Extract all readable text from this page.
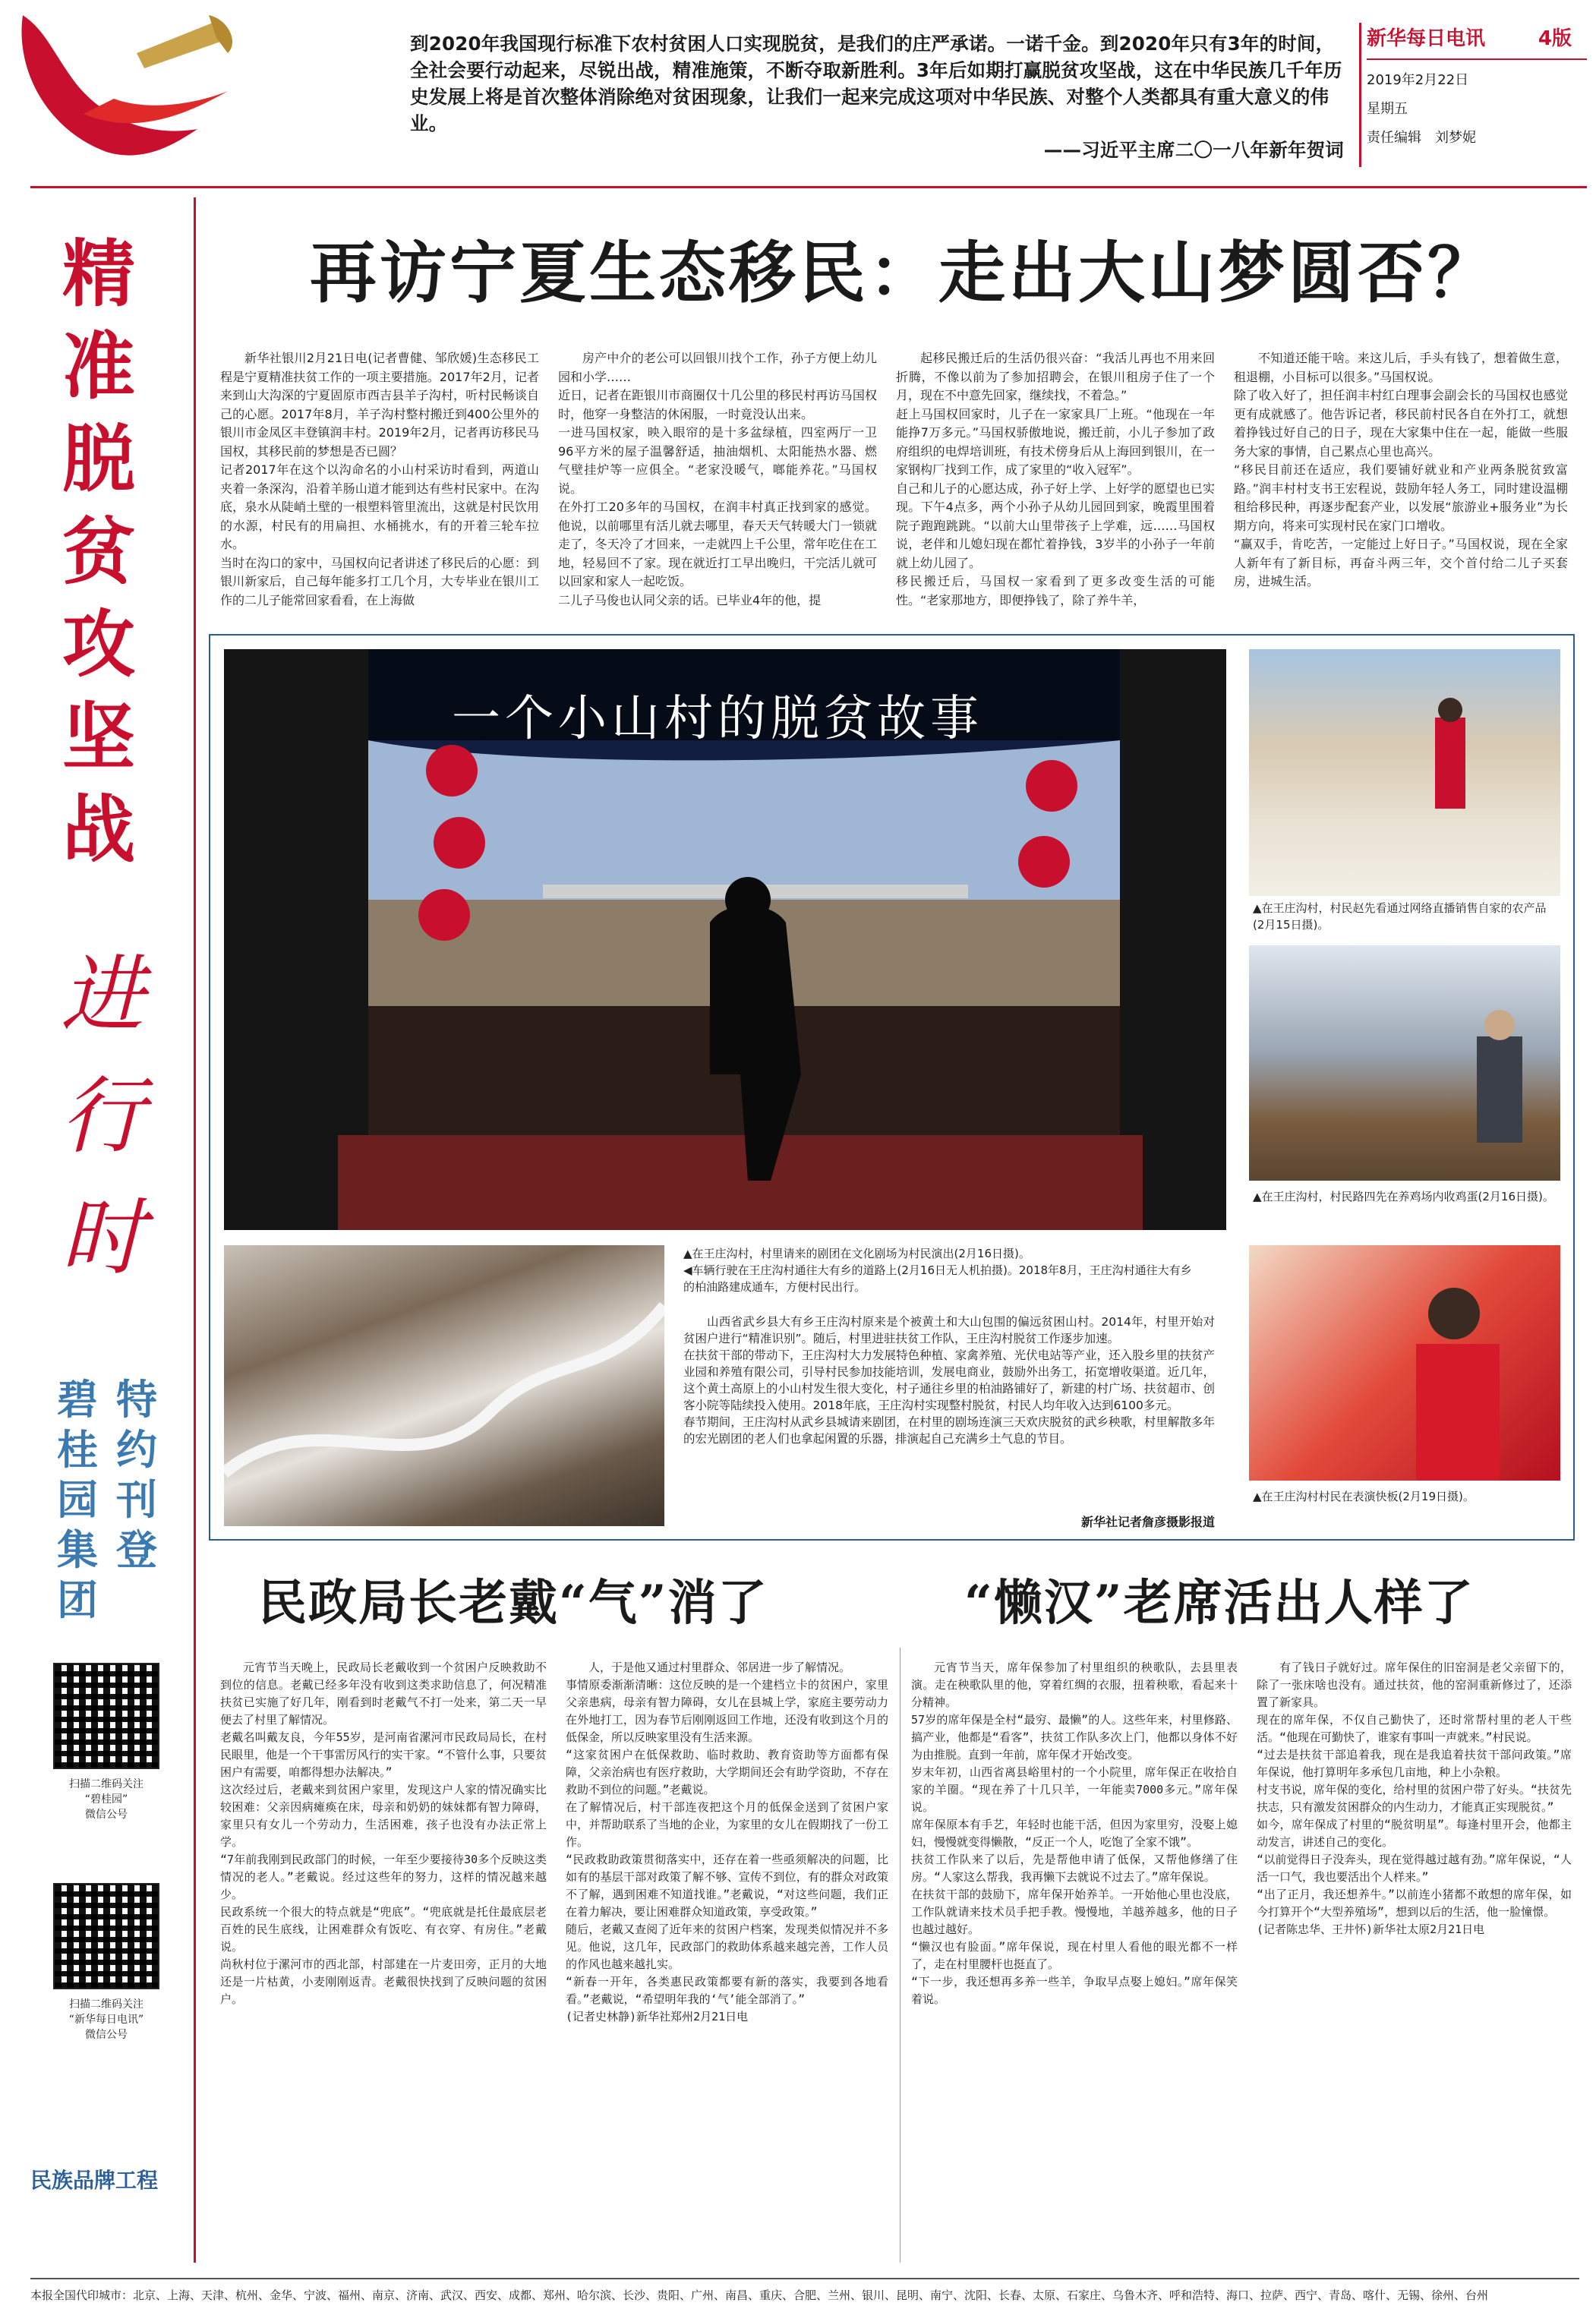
到2020年我国现行标准下农村贫困人口实现脱贫，是我们的庄严承诺。一诺千金。到2020年只有3年的时间，全社会要行动起来，尽锐出战，精准施策，不断夺取新胜利。3年后如期打赢脱贫攻坚战，这在中华民族几千年历史发展上将是首次整体消除绝对贫困现象，让我们一起来完成这项对中华民族、对整个人类都具有重大意义的伟业。
——习近平主席二〇一八年新年贺词
新华每日电讯	4版
2019年2月22日
星期五
责任编辑　刘梦妮
精准脱贫攻坚战
进行时
特约刊登
碧桂园集团
扫描二维码关注
“碧桂园”
微信公号
扫描二维码关注
“新华每日电讯”
微信公号
民族品牌工程
再访宁夏生态移民：走出大山梦圆否？

新华社银川2月21日电(记者曹健、邹欣媛)生态移民工程是宁夏精准扶贫工作的一项主要措施。2017年2月，记者来到山大沟深的宁夏固原市西吉县羊子沟村，听村民畅谈自己的心愿。2017年8月，羊子沟村整村搬迁到400公里外的银川市金凤区丰登镇润丰村。2019年2月，记者再访移民马国权，其移民前的梦想是否已圆？
记者2017年在这个以沟命名的小山村采访时看到，两道山夹着一条深沟，沿着羊肠山道才能到达有些村民家中。在沟底，泉水从陡峭土壁的一根塑料管里流出，这就是村民饮用的水源，村民有的用扁担、水桶挑水，有的开着三轮车拉水。
当时在沟口的家中，马国权向记者讲述了移民后的心愿：到银川新家后，自己每年能多打工几个月，大专毕业在银川工作的二儿子能常回家看看，在上海做

房产中介的老公可以回银川找个工作，孙子方便上幼儿园和小学……
近日，记者在距银川市商圈仅十几公里的移民村再访马国权时，他穿一身整洁的休闲服，一时竟没认出来。
一进马国权家，映入眼帘的是十多盆绿植，四室两厅一卫96平方米的屋子温馨舒适，抽油烟机、太阳能热水器、燃气壁挂炉等一应俱全。“老家没暖气，啷能养花。”马国权说。
在外打工20多年的马国权，在润丰村真正找到家的感觉。他说，以前哪里有活儿就去哪里，春天天气转暖大门一锁就走了，冬天冷了才回来，一走就四上千公里，常年吃住在工地，轻易回不了家。现在就近打工早出晚归，干完活儿就可以回家和家人一起吃饭。
二儿子马俊也认同父亲的话。已毕业4年的他，提

起移民搬迁后的生活仍很兴奋：“我活儿再也不用来回折腾，不像以前为了参加招聘会，在银川租房子住了一个月，现在不中意先回家，继续找，不着急。”
赶上马国权回家时，儿子在一家家具厂上班。“他现在一年能挣7万多元。”马国权骄傲地说，搬迁前，小儿子参加了政府组织的电焊培训班，有技术傍身后从上海回到银川，在一家钢构厂找到工作，成了家里的“收入冠军”。
自己和儿子的心愿达成，孙子好上学、上好学的愿望也已实现。下午4点多，两个小孙子从幼儿园回到家，晚霞里围着院子跑跑跳跳。“以前大山里带孩子上学难，远……马国权说，老伴和儿媳妇现在都忙着挣钱，3岁半的小孙子一年前就上幼儿园了。
移民搬迁后，马国权一家看到了更多改变生活的可能性。“老家那地方，即便挣钱了，除了养牛羊，

不知道还能干啥。来这儿后，手头有钱了，想着做生意，租退棚，小目标可以很多。”马国权说。
除了收入好了，担任润丰村红白理事会副会长的马国权也感觉更有成就感了。他告诉记者，移民前村民各自在外打工，就想着挣钱过好自己的日子，现在大家集中住在一起，能做一些服务大家的事情，自己累点心里也高兴。
“移民目前还在适应，我们要铺好就业和产业两条脱贫致富路。”润丰村村支书王宏程说，鼓励年轻人务工，同时建设温棚租给移民种，再逐步配套产业，以发展“旅游业+服务业”为长期方向，将来可实现村民在家门口增收。
“赢双手，肯吃苦，一定能过上好日子。”马国权说，现在全家人新年有了新目标，再奋斗两三年，交个首付给二儿子买套房，进城生活。

一个小山村的脱贫故事
▲在王庄沟村，村民赵先看通过网络直播销售自家的农产品(2月15日摄)。
▲在王庄沟村，村民路四先在养鸡场内收鸡蛋(2月16日摄)。
▲在王庄沟村村民在表演快板(2月19日摄)。
▲在王庄沟村，村里请来的剧团在文化剧场为村民演出(2月16日摄)。
◀车辆行驶在王庄沟村通往大有乡的道路上(2月16日无人机拍摄)。2018年8月，王庄沟村通往大有乡的柏油路建成通车，方便村民出行。

山西省武乡县大有乡王庄沟村原来是个被黄土和大山包围的偏远贫困山村。2014年，村里开始对贫困户进行“精准识别”。随后，村里进驻扶贫工作队，王庄沟村脱贫工作逐步加速。
在扶贫干部的带动下，王庄沟村大力发展特色种植、家禽养殖、光伏电站等产业，还入股乡里的扶贫产业园和养殖有限公司，引导村民参加技能培训，发展电商业，鼓励外出务工，拓宽增收渠道。近几年，这个黄土高原上的小山村发生很大变化，村子通往乡里的柏油路铺好了，新建的村广场、扶贫超市、创客小院等陆续投入使用。2018年底，王庄沟村实现整村脱贫，村民人均年收入达到6100多元。
春节期间，王庄沟村从武乡县城请来剧团，在村里的剧场连演三天欢庆脱贫的武乡秧歌，村里解散多年的宏光剧团的老人们也拿起闲置的乐器，排演起自己充满乡土气息的节目。

新华社记者詹彦摄影报道
民政局长老戴“气”消了	“懒汉”老席活出人样了

元宵节当天晚上，民政局长老戴收到一个贫困户反映救助不到位的信息。老戴已经多年没有收到这类求助信息了，何况精准扶贫已实施了好几年，刚看到时老戴气不打一处来，第二天一早便去了村里了解情况。
老戴名叫戴友良，今年55岁，是河南省漯河市民政局局长，在村民眼里，他是一个干事雷厉风行的实干家。“不管什么事，只要贫困户有需要，咱都得想办法解决。”
这次经过后，老戴来到贫困户家里，发现这户人家的情况确实比较困难：父亲因病瘫痪在床，母亲和奶奶的妹妹都有智力障碍，家里只有女儿一个劳动力，生活困难，孩子也没有办法正常上学。
“7年前我刚到民政部门的时候，一年至少要接待30多个反映这类情况的老人。”老戴说。经过这些年的努力，这样的情况越来越少。
民政系统一个很大的特点就是“兜底”。“兜底就是托住最底层老百姓的民生底线，让困难群众有饭吃、有衣穿、有房住。”老戴说。
尚秋村位于漯河市的西北部，村部建在一片麦田旁，正月的大地还是一片枯黄，小麦刚刚返青。老戴很快找到了反映问题的贫困户。

人，于是他又通过村里群众、邻居进一步了解情况。
事情原委渐渐清晰：这位反映的是一个建档立卡的贫困户，家里父亲患病，母亲有智力障碍，女儿在县城上学，家庭主要劳动力在外地打工，因为春节后刚刚返回工作地，还没有收到这个月的低保金，所以反映家里没有生活来源。
“这家贫困户在低保救助、临时救助、教育资助等方面都有保障，父亲治病也有医疗救助，大学期间还会有助学资助，不存在救助不到位的问题。”老戴说。
在了解情况后，村干部连夜把这个月的低保金送到了贫困户家中，并帮助联系了当地的企业，为家里的女儿在假期找了一份工作。
“民政救助政策贯彻落实中，还存在着一些亟须解决的问题，比如有的基层干部对政策了解不够、宣传不到位，有的群众对政策不了解，遇到困难不知道找谁。”老戴说，“对这些问题，我们正在着力解决，要让困难群众知道政策，享受政策。”
随后，老戴又查阅了近年来的贫困户档案，发现类似情况并不多见。他说，这几年，民政部门的救助体系越来越完善，工作人员的作风也越来越扎实。
“新春一开年，各类惠民政策都要有新的落实，我要到各地看看。”老戴说，“希望明年我的‘气’能全部消了。”
(记者史林静)新华社郑州2月21日电

元宵节当天，席年保参加了村里组织的秧歌队，去县里表演。走在秧歌队里的他，穿着红绸的衣服，扭着秧歌，看起来十分精神。
57岁的席年保是全村“最穷、最懒”的人。这些年来，村里修路、搞产业，他都是“看客”，扶贫工作队多次上门，他都以身体不好为由推脱。直到一年前，席年保才开始改变。
岁末年初，山西省离县峪里村的一个小院里，席年保正在收拾自家的羊圈。“现在养了十几只羊，一年能卖7000多元。”席年保说。
席年保原本有手艺，年轻时也能干活，但因为家里穷，没娶上媳妇，慢慢就变得懒散，“反正一个人，吃饱了全家不饿”。
扶贫工作队来了以后，先是帮他申请了低保，又帮他修缮了住房。“人家这么帮我，我再懒下去就说不过去了。”席年保说。
在扶贫干部的鼓励下，席年保开始养羊。一开始他心里也没底，工作队就请来技术员手把手教。慢慢地，羊越养越多，他的日子也越过越好。
“懒汉也有脸面。”席年保说，现在村里人看他的眼光都不一样了，走在村里腰杆也挺直了。
“下一步，我还想再多养一些羊，争取早点娶上媳妇。”席年保笑着说。

有了钱日子就好过。席年保住的旧窑洞是老父亲留下的，除了一张床啥也没有。通过扶贫，他的窑洞重新修过了，还添置了新家具。
现在的席年保，不仅自己勤快了，还时常帮村里的老人干些活。“他现在可勤快了，谁家有事叫一声就来。”村民说。
“过去是扶贫干部追着我，现在是我追着扶贫干部问政策。”席年保说，他打算明年多承包几亩地，种上小杂粮。
村支书说，席年保的变化，给村里的贫困户带了好头。“扶贫先扶志，只有激发贫困群众的内生动力，才能真正实现脱贫。”
如今，席年保成了村里的“脱贫明星”。每逢村里开会，他都主动发言，讲述自己的变化。
“以前觉得日子没奔头，现在觉得越过越有劲。”席年保说，“人活一口气，我也要活出个人样来。”
“出了正月，我还想养牛。”以前连小猪都不敢想的席年保，如今打算开个“大型养殖场”，想到以后的生活，他一脸憧憬。
(记者陈忠华、王井怀)新华社太原2月21日电

本报全国代印城市：北京、上海、天津、杭州、金华、宁波、福州、南京、济南、武汉、西安、成都、郑州、哈尔滨、长沙、贵阳、广州、南昌、重庆、合肥、兰州、银川、昆明、南宁、沈阳、长春、太原、石家庄、乌鲁木齐、呼和浩特、海口、拉萨、西宁、青岛、喀什、无锡、徐州、台州
